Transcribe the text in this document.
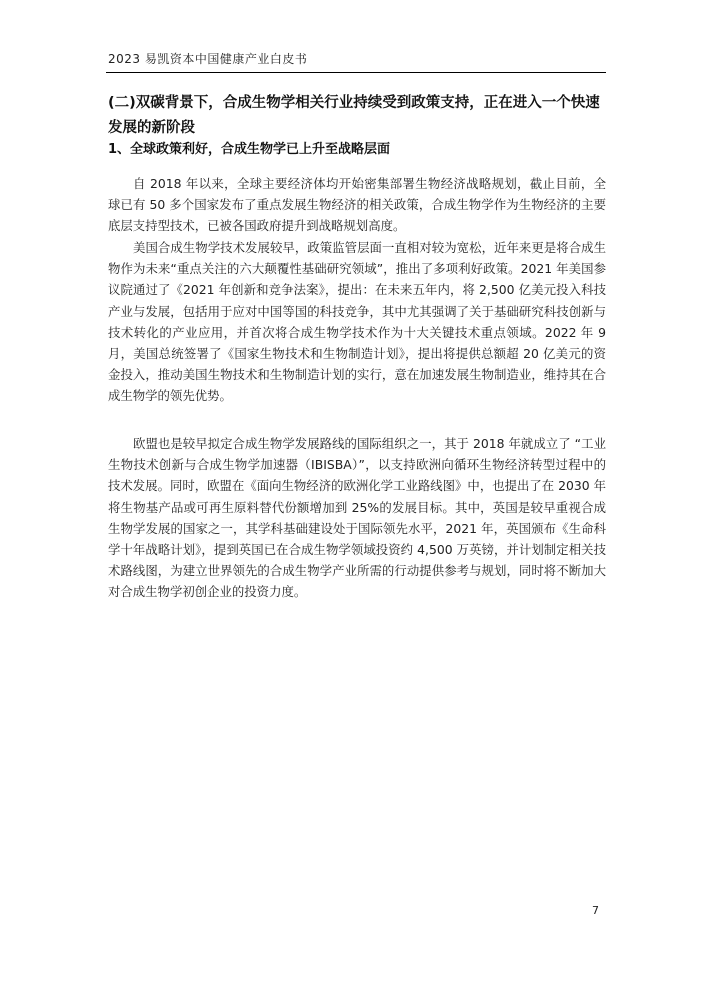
2023 易凯资本中国健康产业白皮书
(二)双碳背景下，合成生物学相关行业持续受到政策支持，正在进入一个快速发展的新阶段
1、全球政策利好，合成生物学已上升至战略层面

自 2018 年以来，全球主要经济体均开始密集部署生物经济战略规划，截止目前，全球已有 50 多个国家发布了重点发展生物经济的相关政策，合成生物学作为生物经济的主要底层支持型技术，已被各国政府提升到战略规划高度。

美国合成生物学技术发展较早，政策监管层面一直相对较为宽松，近年来更是将合成生物作为未来“重点关注的六大颠覆性基础研究领域”，推出了多项利好政策。2021 年美国参议院通过了《2021 年创新和竞争法案》，提出：在未来五年内，将 2,500 亿美元投入科技产业与发展，包括用于应对中国等国的科技竞争，其中尤其强调了关于基础研究科技创新与技术转化的产业应用，并首次将合成生物学技术作为十大关键技术重点领域。2022 年 9 月，美国总统签署了《国家生物技术和生物制造计划》，提出将提供总额超 20 亿美元的资金投入，推动美国生物技术和生物制造计划的实行，意在加速发展生物制造业，维持其在合成生物学的领先优势。

欧盟也是较早拟定合成生物学发展路线的国际组织之一，其于 2018 年就成立了 “工业生物技术创新与合成生物学加速器（IBISBA）”，以支持欧洲向循环生物经济转型过程中的技术发展。同时，欧盟在《面向生物经济的欧洲化学工业路线图》中，也提出了在 2030 年将生物基产品或可再生原料替代份额增加到 25%的发展目标。其中，英国是较早重视合成生物学发展的国家之一，其学科基础建设处于国际领先水平，2021 年，英国颁布《生命科学十年战略计划》，提到英国已在合成生物学领域投资约 4,500 万英镑，并计划制定相关技术路线图，为建立世界领先的合成生物学产业所需的行动提供参考与规划，同时将不断加大对合成生物学初创企业的投资力度。

7
